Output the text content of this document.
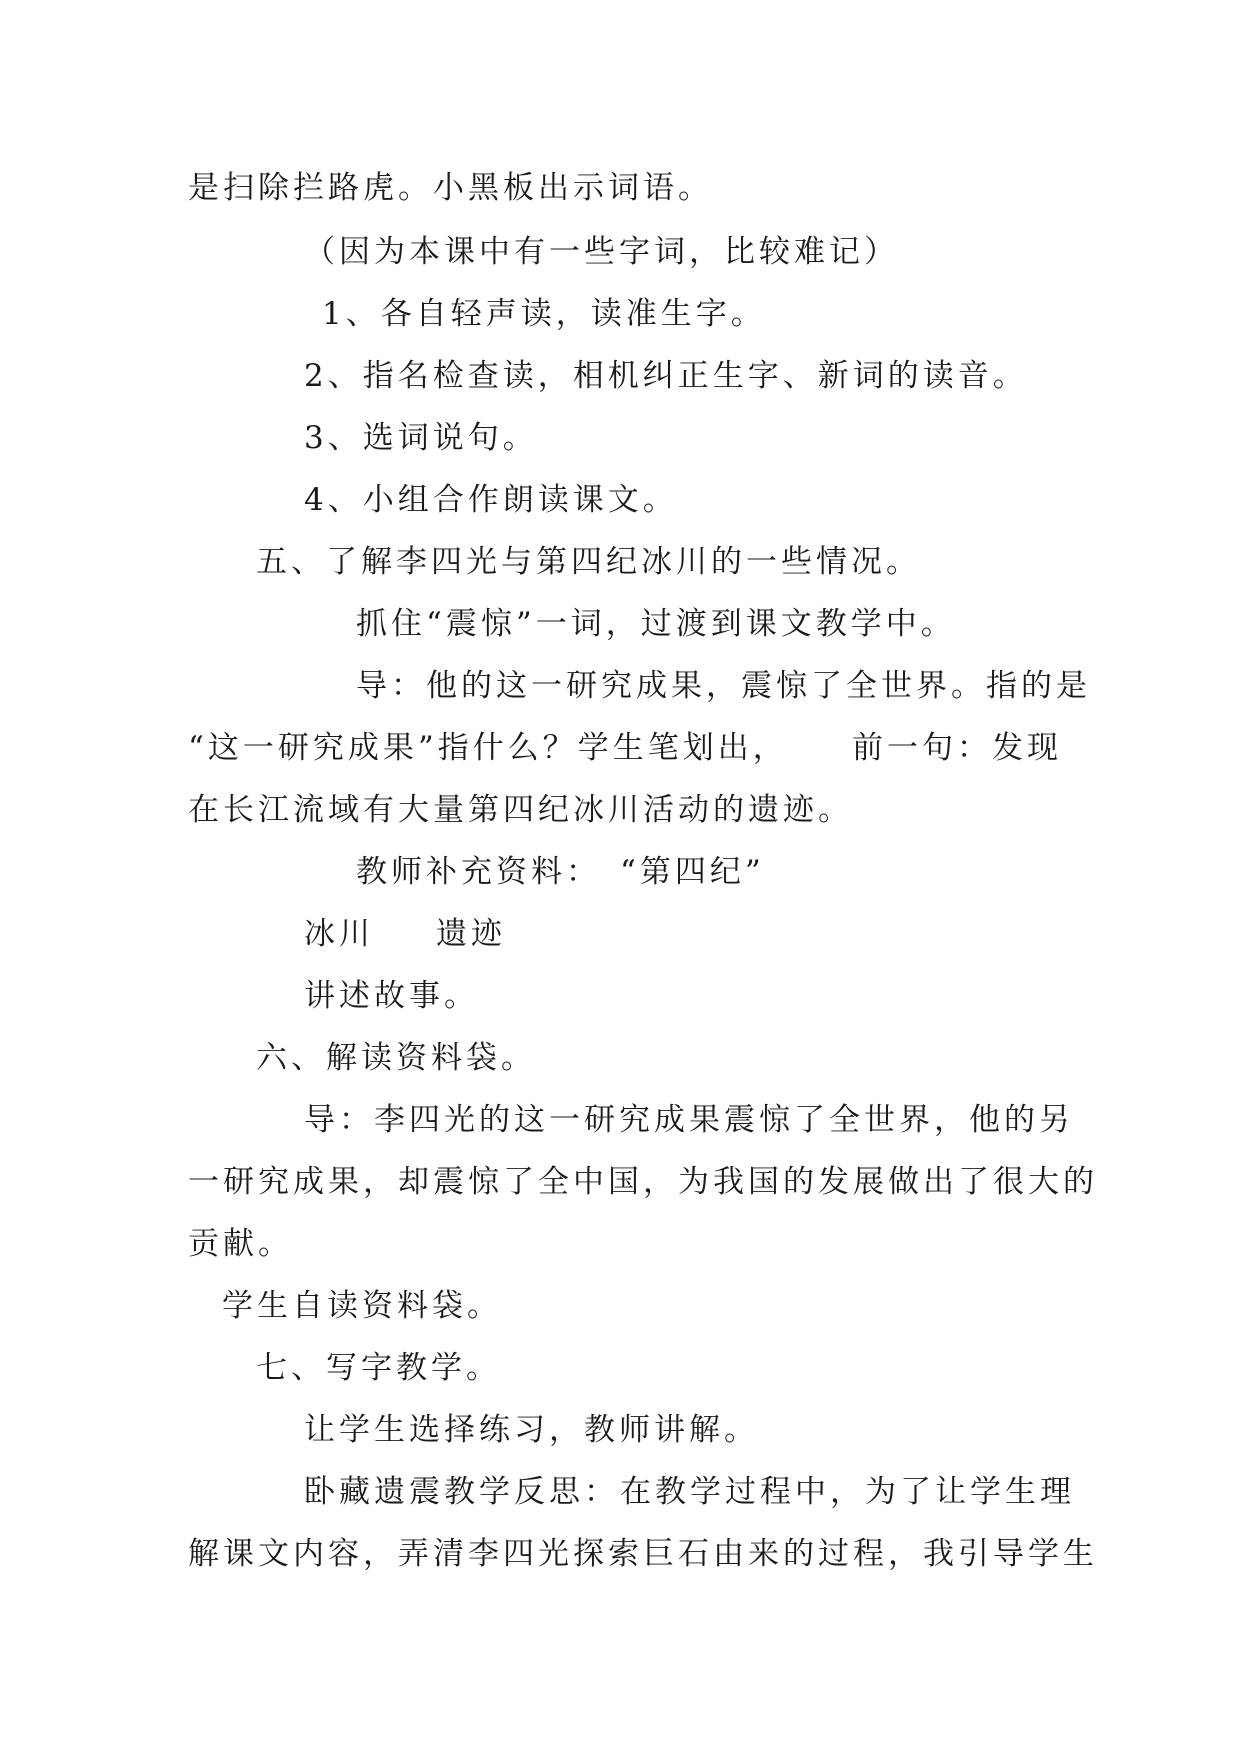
是扫除拦路虎。小黑板出示词语。
（因为本课中有一些字词，比较难记）
1、各自轻声读，读准生字。
2、指名检查读，相机纠正生字、新词的读音。
3、选词说句。
4、小组合作朗读课文。
五、了解李四光与第四纪冰川的一些情况。
抓住“震惊”一词，过渡到课文教学中。
导：他的这一研究成果，震惊了全世界。指的是
“这一研究成果”指什么？学生笔划出， 前一句：发现
在长江流域有大量第四纪冰川活动的遗迹。
教师补充资料： “第四纪”
冰川 遗迹
讲述故事。
六、解读资料袋。
导：李四光的这一研究成果震惊了全世界，他的另
一研究成果，却震惊了全中国，为我国的发展做出了很大的
贡献。
学生自读资料袋。
七、写字教学。
让学生选择练习，教师讲解。
卧藏遗震教学反思： 在教学过程中，为了让学生理
解课文内容，弄清李四光探索巨石由来的过程，我引导学生
